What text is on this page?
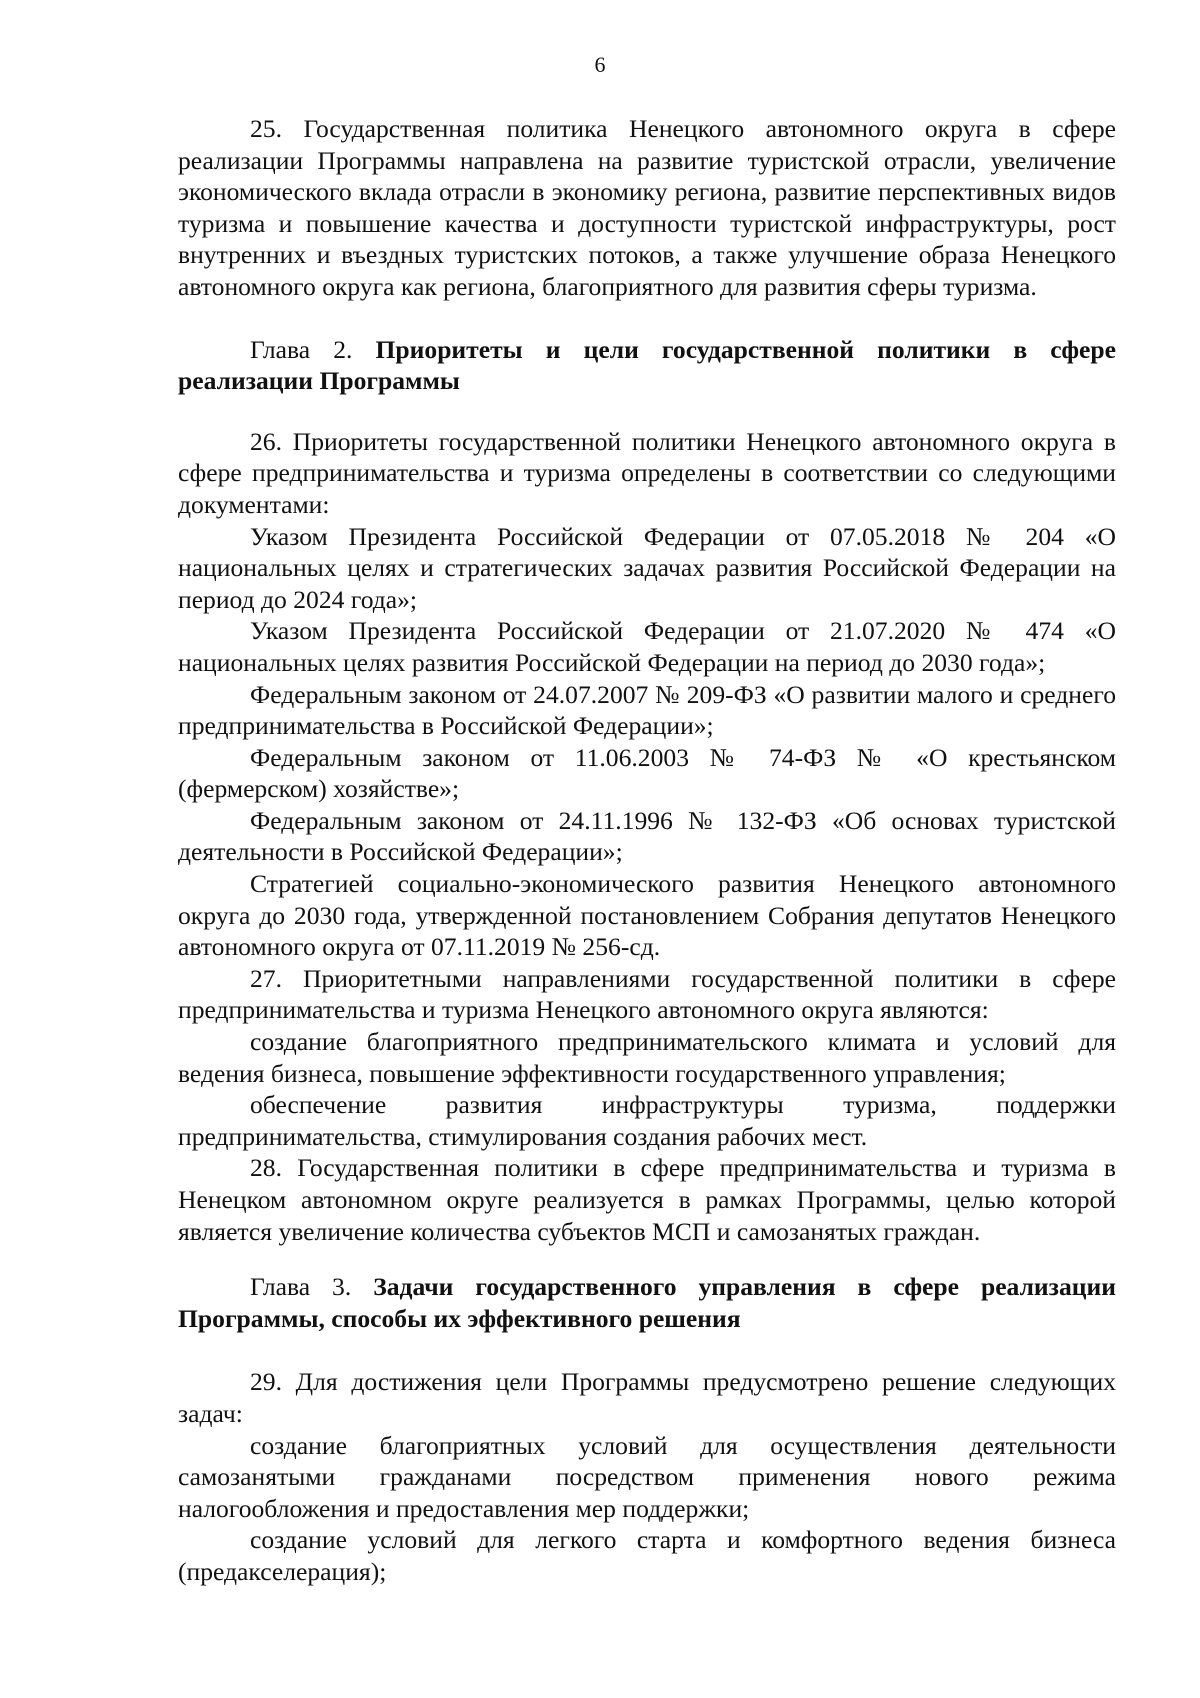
6

25. Государственная политика Ненецкого автономного округа в сфере реализации Программы направлена на развитие туристской отрасли, увеличение экономического вклада отрасли в экономику региона, развитие перспективных видов туризма и повышение качества и доступности туристской инфраструктуры, рост внутренних и въездных туристских потоков, а также улучшение образа Ненецкого автономного округа как региона, благоприятного для развития сферы туризма.

Глава 2. Приоритеты и цели государственной политики в сфере реализации Программы

26. Приоритеты государственной политики Ненецкого автономного округа в сфере предпринимательства и туризма определены в соответствии со следующими документами:

Указом Президента Российской Федерации от 07.05.2018 № 204 «О национальных целях и стратегических задачах развития Российской Федерации на период до 2024 года»;

Указом Президента Российской Федерации от 21.07.2020 № 474 «О национальных целях развития Российской Федерации на период до 2030 года»;

Федеральным законом от 24.07.2007 № 209-ФЗ «О развитии малого и среднего предпринимательства в Российской Федерации»;

Федеральным законом от 11.06.2003 № 74-ФЗ № «О крестьянском (фермерском) хозяйстве»;

Федеральным законом от 24.11.1996 № 132-ФЗ «Об основах туристской деятельности в Российской Федерации»;

Стратегией социально-экономического развития Ненецкого автономного округа до 2030 года, утвержденной постановлением Собрания депутатов Ненецкого автономного округа от 07.11.2019 № 256-сд.

27. Приоритетными направлениями государственной политики в сфере предпринимательства и туризма Ненецкого автономного округа являются:

создание благоприятного предпринимательского климата и условий для ведения бизнеса, повышение эффективности государственного управления;

обеспечение развития инфраструктуры туризма, поддержки предпринимательства, стимулирования создания рабочих мест.

28. Государственная политики в сфере предпринимательства и туризма в Ненецком автономном округе реализуется в рамках Программы, целью которой является увеличение количества субъектов МСП и самозанятых граждан.

Глава 3. Задачи государственного управления в сфере реализации Программы, способы их эффективного решения

29. Для достижения цели Программы предусмотрено решение следующих задач:

создание благоприятных условий для осуществления деятельности самозанятыми гражданами посредством применения нового режима налогообложения и предоставления мер поддержки;

создание условий для легкого старта и комфортного ведения бизнеса (предакселерация);
